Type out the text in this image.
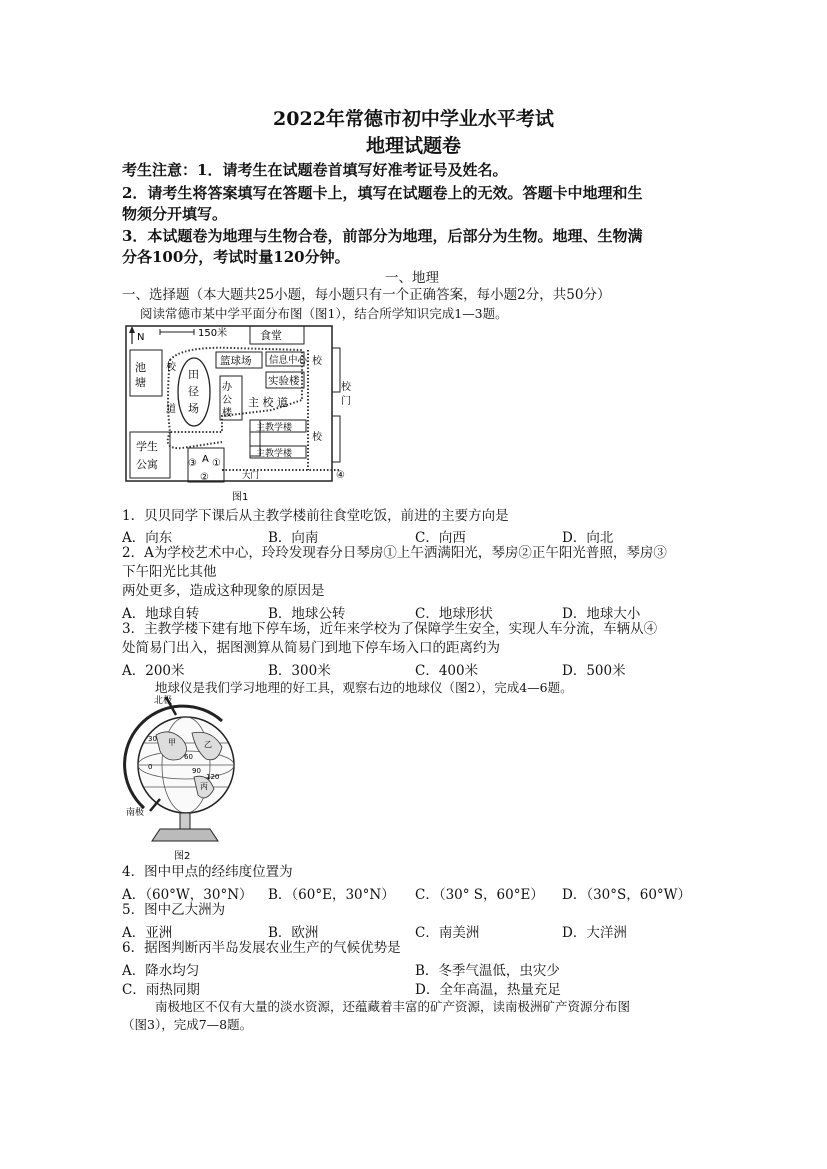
2022年常德市初中学业水平考试
地理试题卷
考生注意：1．请考生在试题卷首填写好准考证号及姓名。
2．请考生将答案填写在答题卡上，填写在试题卷上的无效。答题卡中地理和生
物须分开填写。
3．本试题卷为地理与生物合卷，前部分为地理，后部分为生物。地理、生物满
分各100分，考试时量120分钟。
一、地理
一、选择题（本大题共25小题，每小题只有一个正确答案，每小题2分，共50分）
阅读常德市某中学平面分布图（图1），结合所学知识完成1—3题。
N	150米	食堂
池
塘
田
径
场
篮球场 信息中心
实验楼
办
公
楼
主 校 道
校
道
校
门
校
校
学生
公寓
主教学楼
主教学楼
A
③ ①
②	④
大门
图1
1．贝贝同学下课后从主教学楼前往食堂吃饭，前进的主要方向是
A．向东	B．向南	C．向西	D．向北
2．A为学校艺术中心，玲玲发现春分日琴房①上午洒满阳光，琴房②正午阳光普照，琴房③
下午阳光比其他
两处更多，造成这种现象的原因是
A．地球自转	B．地球公转	C．地球形状	D．地球大小
3．主教学楼下建有地下停车场，近年来学校为了保障学生安全，实现人车分流，车辆从④
处简易门出入，据图测算从简易门到地下停车场入口的距离约为
A．200米	B．300米	C．400米	D．500米
地球仪是我们学习地理的好工具，观察右边的地球仪（图2），完成4—6题。
北极
南极
甲	乙
丙
30
60
90
120
0
图2
4．图中甲点的经纬度位置为
A．（60°W，30°N） B．（60°E，30°N） C．（30° S，60°E） D．（30°S，60°W）
5．图中乙大洲为
A．亚洲	B．欧洲	C．南美洲	D．大洋洲
6．据图判断丙半岛发展农业生产的气候优势是
A．降水均匀	B．冬季气温低，虫灾少
C．雨热同期	D．全年高温，热量充足
南极地区不仅有大量的淡水资源，还蕴藏着丰富的矿产资源，读南极洲矿产资源分布图
（图3），完成7—8题。
